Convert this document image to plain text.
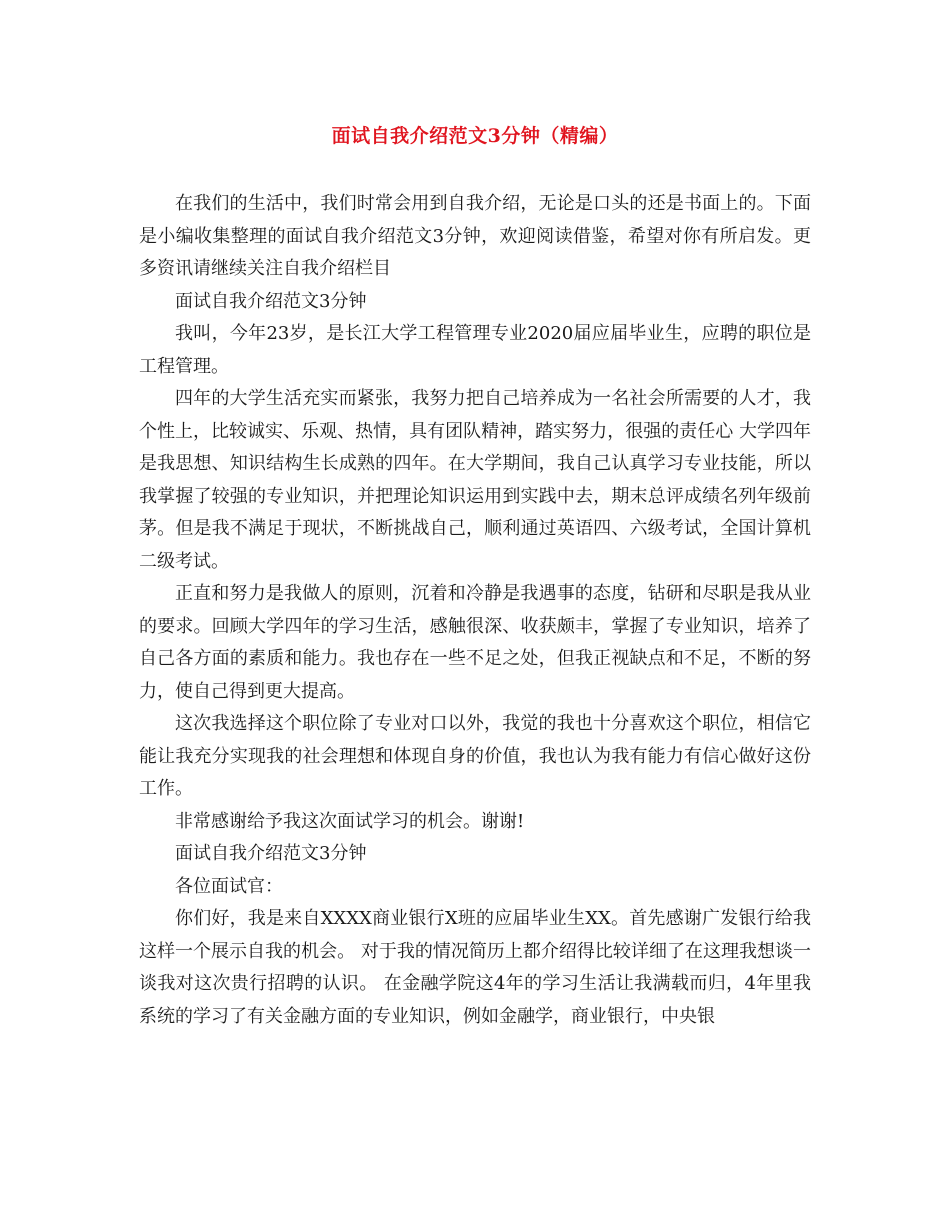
面试自我介绍范文3分钟（精编）

在我们的生活中，我们时常会用到自我介绍，无论是口头的还是书面上的。下面是小编收集整理的面试自我介绍范文3分钟，欢迎阅读借鉴，希望对你有所启发。更多资讯请继续关注自我介绍栏目

面试自我介绍范文3分钟

我叫，今年23岁，是长江大学工程管理专业2020届应届毕业生，应聘的职位是工程管理。

四年的大学生活充实而紧张，我努力把自己培养成为一名社会所需要的人才，我个性上，比较诚实、乐观、热情，具有团队精神，踏实努力，很强的责任心 大学四年是我思想、知识结构生长成熟的四年。在大学期间，我自己认真学习专业技能，所以我掌握了较强的专业知识，并把理论知识运用到实践中去，期末总评成绩名列年级前茅。但是我不满足于现状，不断挑战自己，顺利通过英语四、六级考试，全国计算机二级考试。

正直和努力是我做人的原则，沉着和冷静是我遇事的态度，钻研和尽职是我从业的要求。回顾大学四年的学习生活，感触很深、收获颇丰，掌握了专业知识，培养了自己各方面的素质和能力。我也存在一些不足之处，但我正视缺点和不足，不断的努力，使自己得到更大提高。

这次我选择这个职位除了专业对口以外，我觉的我也十分喜欢这个职位，相信它能让我充分实现我的社会理想和体现自身的价值，我也认为我有能力有信心做好这份工作。

非常感谢给予我这次面试学习的机会。谢谢!

面试自我介绍范文3分钟

各位面试官：

你们好，我是来自XXXX商业银行X班的应届毕业生XX。首先感谢广发银行给我这样一个展示自我的机会。 对于我的情况简历上都介绍得比较详细了在这理我想谈一谈我对这次贵行招聘的认识。 在金融学院这4年的学习生活让我满载而归，4年里我系统的学习了有关金融方面的专业知识，例如金融学，商业银行，中央银
